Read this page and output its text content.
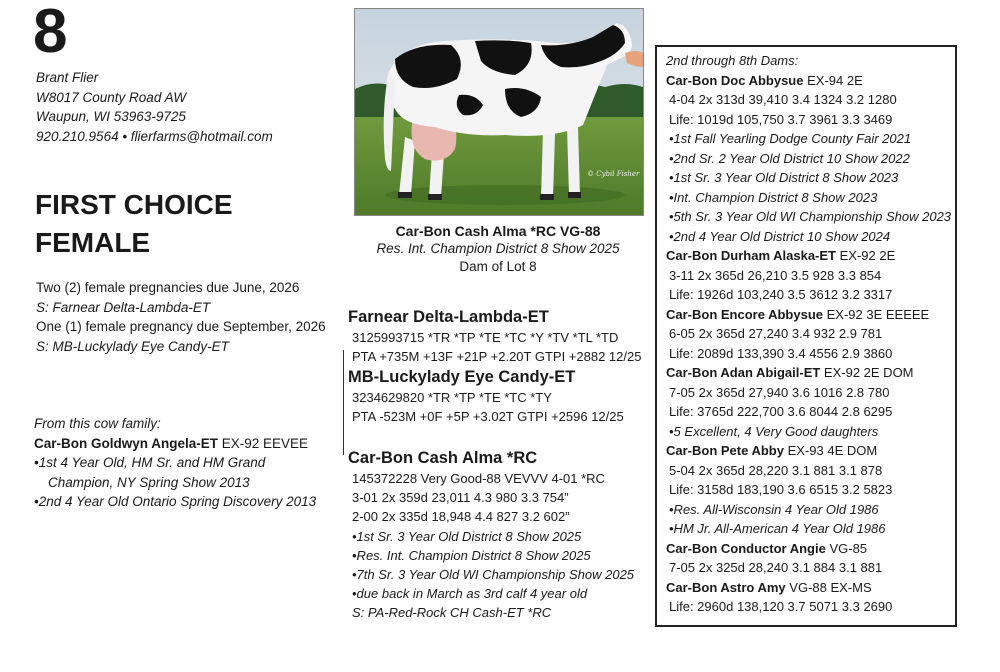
8
Brant Flier
W8017 County Road AW
Waupun, WI 53963-9725
920.210.9564 • flierfarms@hotmail.com
FIRST CHOICE
FEMALE
Two (2) female pregnancies due June, 2026
S: Farnear Delta-Lambda-ET
One (1) female pregnancy due September, 2026
S: MB-Luckylady Eye Candy-ET
From this cow family:
Car-Bon Goldwyn Angela-ET EX-92 EEVEE
•1st 4 Year Old, HM Sr. and HM Grand
Champion, NY Spring Show 2013
•2nd 4 Year Old Ontario Spring Discovery 2013
© Cybil Fisher
Car-Bon Cash Alma *RC VG-88
Res. Int. Champion District 8 Show 2025
Dam of Lot 8
Farnear Delta-Lambda-ET
3125993715 *TR *TP *TE *TC *Y *TV *TL *TD
PTA +735M +13F +21P +2.20T GTPI +2882 12/25
MB-Luckylady Eye Candy-ET
3234629820 *TR *TP *TE *TC *TY
PTA -523M +0F +5P +3.02T GTPI +2596 12/25
Car-Bon Cash Alma *RC
145372228 Very Good-88 VEVVV 4-01 *RC
3-01 2x 359d 23,011 4.3 980 3.3 754”
2-00 2x 335d 18,948 4.4 827 3.2 602”
•1st Sr. 3 Year Old District 8 Show 2025
•Res. Int. Champion District 8 Show 2025
•7th Sr. 3 Year Old WI Championship Show 2025
•due back in March as 3rd calf 4 year old
S: PA-Red-Rock CH Cash-ET *RC
2nd through 8th Dams:
Car-Bon Doc Abbysue EX-94 2E
4-04 2x 313d 39,410 3.4 1324 3.2 1280
Life: 1019d 105,750 3.7 3961 3.3 3469
•1st Fall Yearling Dodge County Fair 2021
•2nd Sr. 2 Year Old District 10 Show 2022
•1st Sr. 3 Year Old District 8 Show 2023
•Int. Champion District 8 Show 2023
•5th Sr. 3 Year Old WI Championship Show 2023
•2nd 4 Year Old District 10 Show 2024
Car-Bon Durham Alaska-ET EX-92 2E
3-11 2x 365d 26,210 3.5 928 3.3 854
Life: 1926d 103,240 3.5 3612 3.2 3317
Car-Bon Encore Abbysue EX-92 3E EEEEE
6-05 2x 365d 27,240 3.4 932 2.9 781
Life: 2089d 133,390 3.4 4556 2.9 3860
Car-Bon Adan Abigail-ET EX-92 2E DOM
7-05 2x 365d 27,940 3.6 1016 2.8 780
Life: 3765d 222,700 3.6 8044 2.8 6295
•5 Excellent, 4 Very Good daughters
Car-Bon Pete Abby EX-93 4E DOM
5-04 2x 365d 28,220 3.1 881 3.1 878
Life: 3158d 183,190 3.6 6515 3.2 5823
•Res. All-Wisconsin 4 Year Old 1986
•HM Jr. All-American 4 Year Old 1986
Car-Bon Conductor Angie VG-85
7-05 2x 325d 28,240 3.1 884 3.1 881
Car-Bon Astro Amy VG-88 EX-MS
Life: 2960d 138,120 3.7 5071 3.3 2690
